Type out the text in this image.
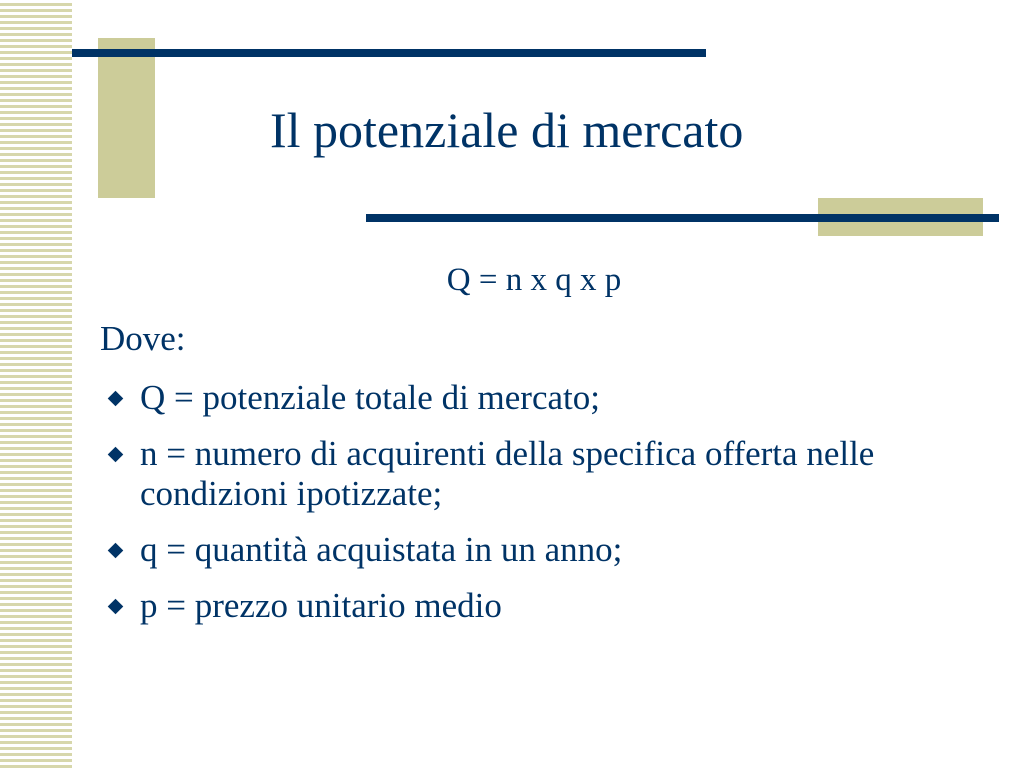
Il potenziale di mercato
Q = n x q x p
Dove:
Q = potenziale totale di mercato;
n = numero di acquirenti della specifica offerta nelle condizioni ipotizzate;
q = quantità acquistata in un anno;
p = prezzo unitario medio
